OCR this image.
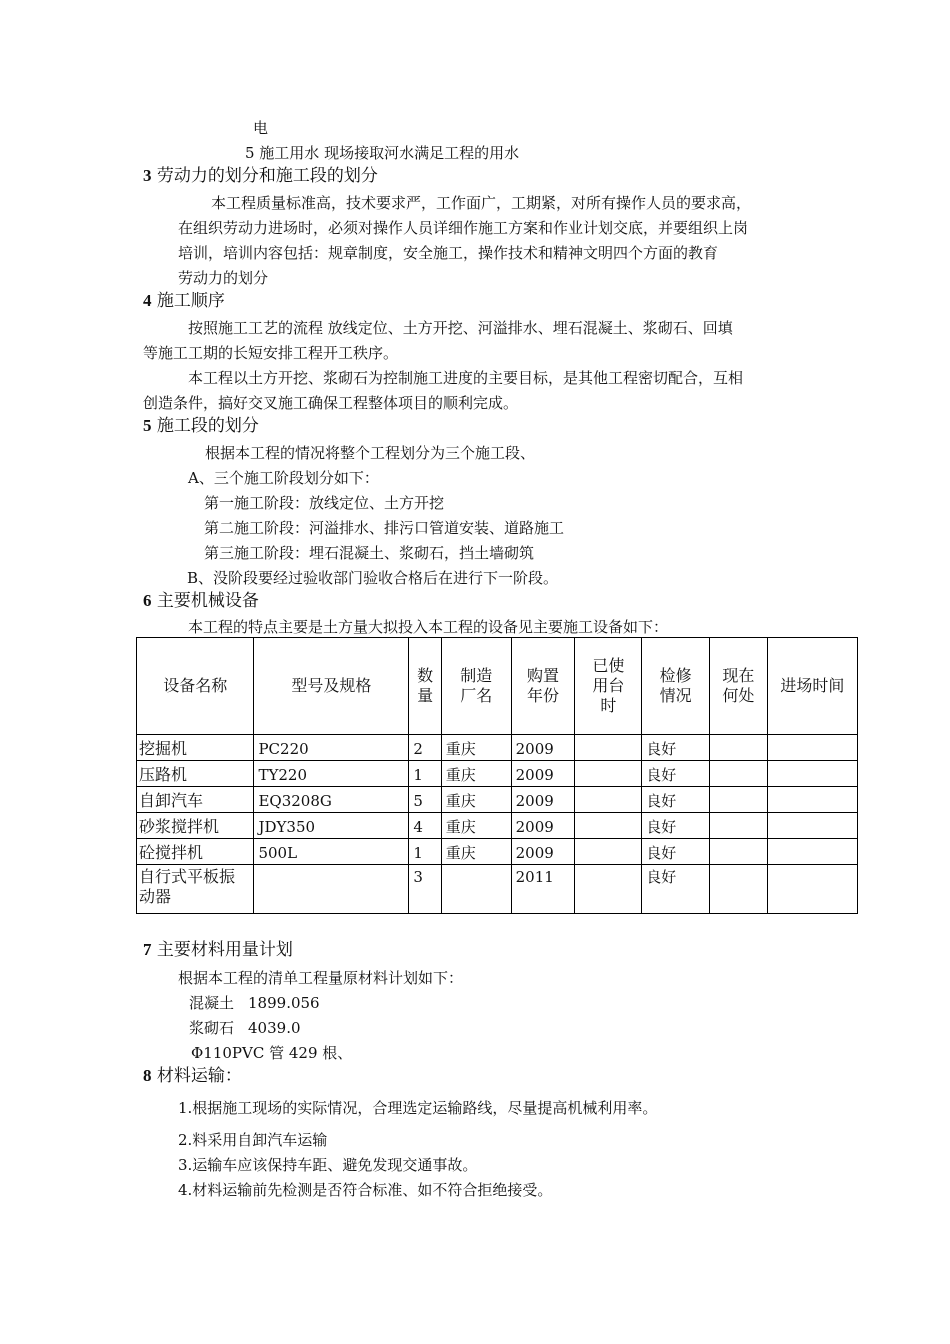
电
5 施工用水 现场接取河水满足工程的用水
3 劳动力的划分和施工段的划分
本工程质量标准高，技术要求严，工作面广，工期紧，对所有操作人员的要求高，
在组织劳动力进场时，必须对操作人员详细作施工方案和作业计划交底，并要组织上岗
培训，培训内容包括：规章制度，安全施工，操作技术和精神文明四个方面的教育
劳动力的划分
4 施工顺序
按照施工工艺的流程 放线定位、土方开挖、河溢排水、埋石混凝土、浆砌石、回填
等施工工期的长短安排工程开工秩序。
本工程以土方开挖、浆砌石为控制施工进度的主要目标，是其他工程密切配合，互相
创造条件，搞好交叉施工确保工程整体项目的顺利完成。
5 施工段的划分
根据本工程的情况将整个工程划分为三个施工段、
A、三个施工阶段划分如下：
第一施工阶段：放线定位、土方开挖
第二施工阶段：河溢排水、排污口管道安装、道路施工
第三施工阶段：埋石混凝土、浆砌石，挡土墙砌筑
B、没阶段要经过验收部门验收合格后在进行下一阶段。
6 主要机械设备
本工程的特点主要是土方量大拟投入本工程的设备见主要施工设备如下：
设备名称	型号及规格	数量	制造厂名	购置年份	已使用台时	检修情况	现在何处	进场时间
挖掘机	PC220	2	重庆	2009		良好		
压路机	TY220	1	重庆	2009		良好		
自卸汽车	EQ3208G	5	重庆	2009		良好		
砂浆搅拌机	JDY350	4	重庆	2009		良好		
砼搅拌机	500L	1	重庆	2009		良好		
自行式平板振动器		3		2011		良好		
7 主要材料用量计划
根据本工程的清单工程量原材料计划如下：
混凝土 1899.056
浆砌石 4039.0
Φ110PVC 管 429 根、
8 材料运输：
1.根据施工现场的实际情况，合理选定运输路线，尽量提高机械利用率。
2.料采用自卸汽车运输
3.运输车应该保持车距、避免发现交通事故。
4.材料运输前先检测是否符合标准、如不符合拒绝接受。
